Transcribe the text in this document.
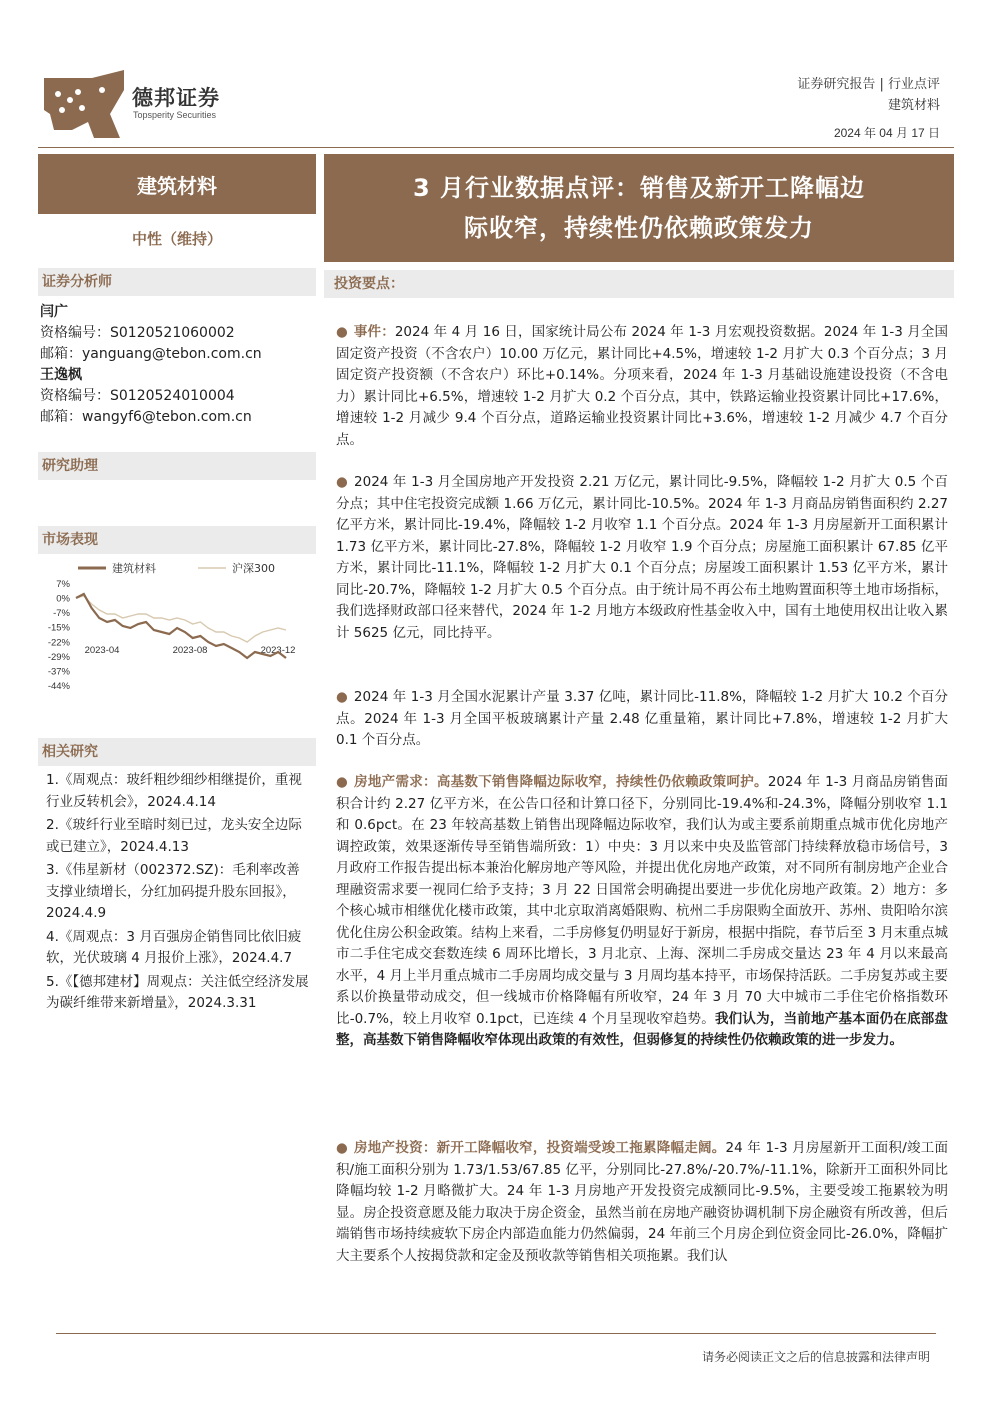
德邦证券
Topsperity Securities
证券研究报告 | 行业点评
建筑材料
2024 年 04 月 17 日
建筑材料
中性（维持）
证券分析师
闫广
资格编号：S0120521060002
邮箱：yanguang@tebon.com.cn
王逸枫
资格编号：S0120524010004
邮箱：wangyf6@tebon.com.cn
研究助理
市场表现
建筑材料	沪深300
7%
0%
-7%
-15%
-22%
-29%
-37%
-44%
2023-04	2023-08	2023-12
相关研究
1.《周观点：玻纤粗纱细纱相继提价，重视行业反转机会》，2024.4.14
2.《玻纤行业至暗时刻已过，龙头安全边际或已建立》，2024.4.13
3.《伟星新材（002372.SZ)：毛利率改善支撑业绩增长，分红加码提升股东回报》，2024.4.9
4.《周观点：3 月百强房企销售同比依旧疲软，光伏玻璃 4 月报价上涨》，2024.4.7
5.《【德邦建材】周观点：关注低空经济发展为碳纤维带来新增量》，2024.3.31
3 月行业数据点评：销售及新开工降幅边
际收窄，持续性仍依赖政策发力
投资要点：
● 事件：2024 年 4 月 16 日，国家统计局公布 2024 年 1-3 月宏观投资数据。2024 年 1-3 月全国固定资产投资（不含农户）10.00 万亿元，累计同比+4.5%，增速较 1-2 月扩大 0.3 个百分点；3 月固定资产投资额（不含农户）环比+0.14%。分项来看，2024 年 1-3 月基础设施建设投资（不含电力）累计同比+6.5%，增速较 1-2 月扩大 0.2 个百分点，其中，铁路运输业投资累计同比+17.6%，增速较 1-2 月减少 9.4 个百分点，道路运输业投资累计同比+3.6%，增速较 1-2 月减少 4.7 个百分点。
● 2024 年 1-3 月全国房地产开发投资 2.21 万亿元，累计同比-9.5%，降幅较 1-2 月扩大 0.5 个百分点；其中住宅投资完成额 1.66 万亿元，累计同比-10.5%。2024 年 1-3 月商品房销售面积约 2.27 亿平方米，累计同比-19.4%，降幅较 1-2 月收窄 1.1 个百分点。2024 年 1-3 月房屋新开工面积累计 1.73 亿平方米，累计同比-27.8%，降幅较 1-2 月收窄 1.9 个百分点；房屋施工面积累计 67.85 亿平方米，累计同比-11.1%，降幅较 1-2 月扩大 0.1 个百分点；房屋竣工面积累计 1.53 亿平方米，累计同比-20.7%，降幅较 1-2 月扩大 0.5 个百分点。由于统计局不再公布土地购置面积等土地市场指标，我们选择财政部口径来替代，2024 年 1-2 月地方本级政府性基金收入中，国有土地使用权出让收入累计 5625 亿元，同比持平。
● 2024 年 1-3 月全国水泥累计产量 3.37 亿吨，累计同比-11.8%，降幅较 1-2 月扩大 10.2 个百分点。2024 年 1-3 月全国平板玻璃累计产量 2.48 亿重量箱，累计同比+7.8%，增速较 1-2 月扩大 0.1 个百分点。
● 房地产需求：高基数下销售降幅边际收窄，持续性仍依赖政策呵护。2024 年 1-3 月商品房销售面积合计约 2.27 亿平方米，在公告口径和计算口径下，分别同比-19.4%和-24.3%，降幅分别收窄 1.1 和 0.6pct。在 23 年较高基数上销售出现降幅边际收窄，我们认为或主要系前期重点城市优化房地产调控政策，效果逐渐传导至销售端所致：1）中央：3 月以来中央及监管部门持续释放稳市场信号，3 月政府工作报告提出标本兼治化解房地产等风险，并提出优化房地产政策，对不同所有制房地产企业合理融资需求要一视同仁给予支持；3 月 22 日国常会明确提出要进一步优化房地产政策。2）地方：多个核心城市相继优化楼市政策，其中北京取消离婚限购、杭州二手房限购全面放开、苏州、贵阳哈尔滨优化住房公积金政策。结构上来看，二手房修复仍明显好于新房，根据中指院，春节后至 3 月末重点城市二手住宅成交套数连续 6 周环比增长，3 月北京、上海、深圳二手房成交量达 23 年 4 月以来最高水平，4 月上半月重点城市二手房周均成交量与 3 月周均基本持平，市场保持活跃。二手房复苏或主要系以价换量带动成交，但一线城市价格降幅有所收窄，24 年 3 月 70 大中城市二手住宅价格指数环比-0.7%，较上月收窄 0.1pct，已连续 4 个月呈现收窄趋势。我们认为，当前地产基本面仍在底部盘整，高基数下销售降幅收窄体现出政策的有效性，但弱修复的持续性仍依赖政策的进一步发力。
● 房地产投资：新开工降幅收窄，投资端受竣工拖累降幅走阔。24 年 1-3 月房屋新开工面积/竣工面积/施工面积分别为 1.73/1.53/67.85 亿平，分别同比-27.8%/-20.7%/-11.1%，除新开工面积外同比降幅均较 1-2 月略微扩大。24 年 1-3 月房地产开发投资完成额同比-9.5%，主要受竣工拖累较为明显。房企投资意愿及能力取决于房企资金，虽然当前在房地产融资协调机制下房企融资有所改善，但后端销售市场持续疲软下房企内部造血能力仍然偏弱，24 年前三个月房企到位资金同比-26.0%，降幅扩大主要系个人按揭贷款和定金及预收款等销售相关项拖累。我们认
请务必阅读正文之后的信息披露和法律声明
